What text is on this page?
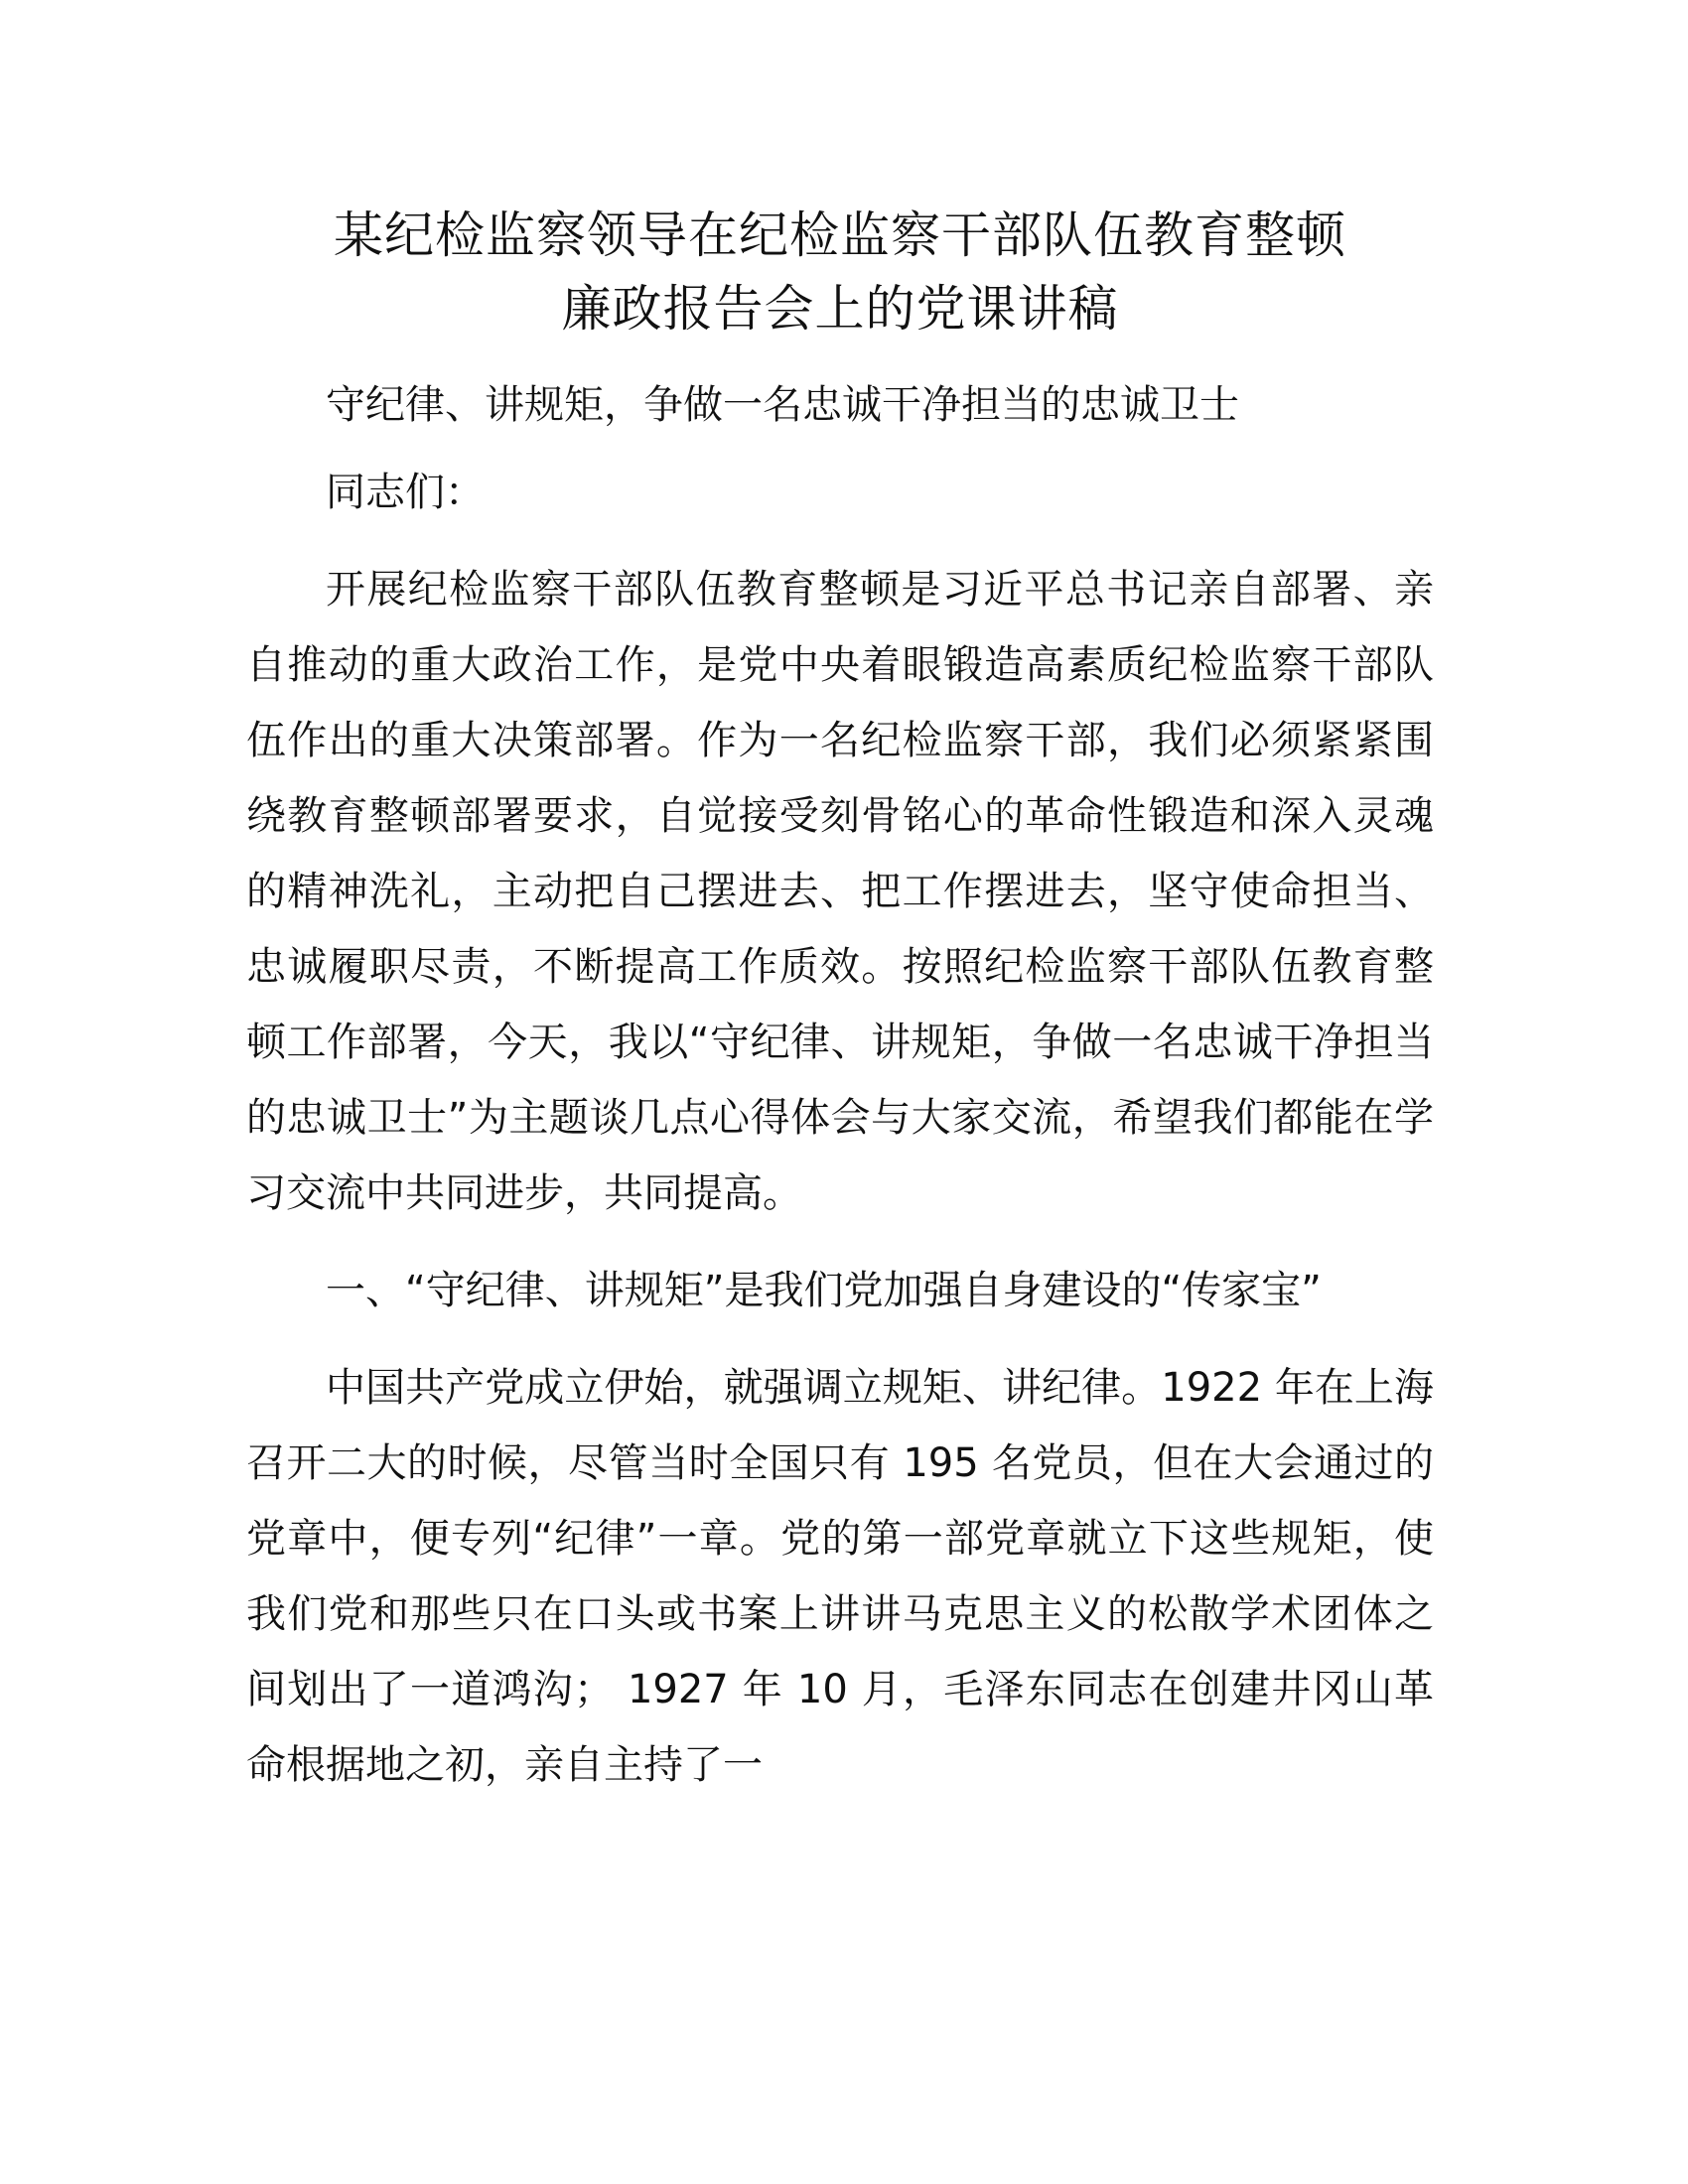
某纪检监察领导在纪检监察干部队伍教育整顿
廉政报告会上的党课讲稿

守纪律、讲规矩，争做一名忠诚干净担当的忠诚卫士

同志们：

开展纪检监察干部队伍教育整顿是习近平总书记亲自部署、亲自推动的重大政治工作，是党中央着眼锻造高素质纪检监察干部队伍作出的重大决策部署。作为一名纪检监察干部，我们必须紧紧围绕教育整顿部署要求，自觉接受刻骨铭心的革命性锻造和深入灵魂的精神洗礼，主动把自己摆进去、把工作摆进去，坚守使命担当、忠诚履职尽责，不断提高工作质效。按照纪检监察干部队伍教育整顿工作部署，今天，我以“守纪律、讲规矩，争做一名忠诚干净担当的忠诚卫士”为主题谈几点心得体会与大家交流，希望我们都能在学习交流中共同进步，共同提高。

一、“守纪律、讲规矩”是我们党加强自身建设的“传家宝”

中国共产党成立伊始，就强调立规矩、讲纪律。1922 年在上海召开二大的时候，尽管当时全国只有 195 名党员，但在大会通过的党章中，便专列“纪律”一章。党的第一部党章就立下这些规矩，使我们党和那些只在口头或书案上讲讲马克思主义的松散学术团体之间划出了一道鸿沟； 1927 年 10 月，毛泽东同志在创建井冈山革命根据地之初，亲自主持了一
